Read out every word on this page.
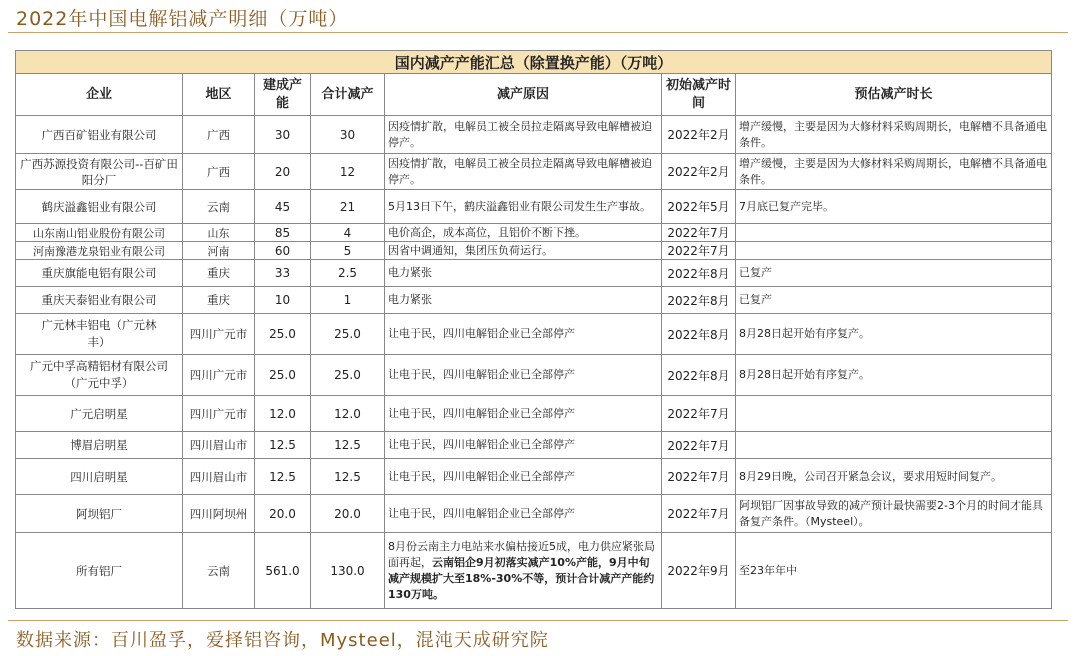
2022年中国电解铝减产明细（万吨）
国内减产产能汇总（除置换产能）（万吨）						
企业	地区	建成产能	合计减产	减产原因	初始减产时间	预估减产时长
广西百矿铝业有限公司	广西	30	30	因疫情扩散，电解员工被全员拉走隔离导致电解槽被迫停产。	2022年2月	增产缓慢，主要是因为大修材料采购周期长，电解槽不具备通电条件。
广西苏源投资有限公司--百矿田阳分厂	广西	20	12	因疫情扩散，电解员工被全员拉走隔离导致电解槽被迫停产。	2022年2月	增产缓慢，主要是因为大修材料采购周期长，电解槽不具备通电条件。
鹤庆溢鑫铝业有限公司	云南	45	21	5月13日下午，鹤庆溢鑫铝业有限公司发生生产事故。	2022年5月	7月底已复产完毕。
山东南山铝业股份有限公司	山东	85	4	电价高企，成本高位，且铝价不断下挫。	2022年7月	
河南豫港龙泉铝业有限公司	河南	60	5	因省中调通知，集团压负荷运行。	2022年7月	
重庆旗能电铝有限公司	重庆	33	2.5	电力紧张	2022年8月	已复产
重庆天泰铝业有限公司	重庆	10	1	电力紧张	2022年8月	已复产
广元林丰铝电（广元林丰）	四川广元市	25.0	25.0	让电于民，四川电解铝企业已全部停产	2022年8月	8月28日起开始有序复产。
广元中孚高精铝材有限公司（广元中孚）	四川广元市	25.0	25.0	让电于民，四川电解铝企业已全部停产	2022年8月	8月28日起开始有序复产。
广元启明星	四川广元市	12.0	12.0	让电于民，四川电解铝企业已全部停产	2022年7月	
博眉启明星	四川眉山市	12.5	12.5	让电于民，四川电解铝企业已全部停产	2022年7月	
四川启明星	四川眉山市	12.5	12.5	让电于民，四川电解铝企业已全部停产	2022年7月	8月29日晚，公司召开紧急会议，要求用短时间复产。
阿坝铝厂	四川阿坝州	20.0	20.0	让电于民，四川电解铝企业已全部停产	2022年7月	阿坝铝厂因事故导致的减产预计最快需要2-3个月的时间才能具备复产条件。（Mysteel）。
所有铝厂	云南	561.0	130.0	8月份云南主力电站来水偏枯接近5成，电力供应紧张局面再起，云南铝企9月初落实减产10%产能，9月中旬减产规模扩大至18%-30%不等，预计合计减产产能约130万吨。	2022年9月	至23年年中
数据来源：百川盈孚，爱择铝咨询，Mysteel，混沌天成研究院
